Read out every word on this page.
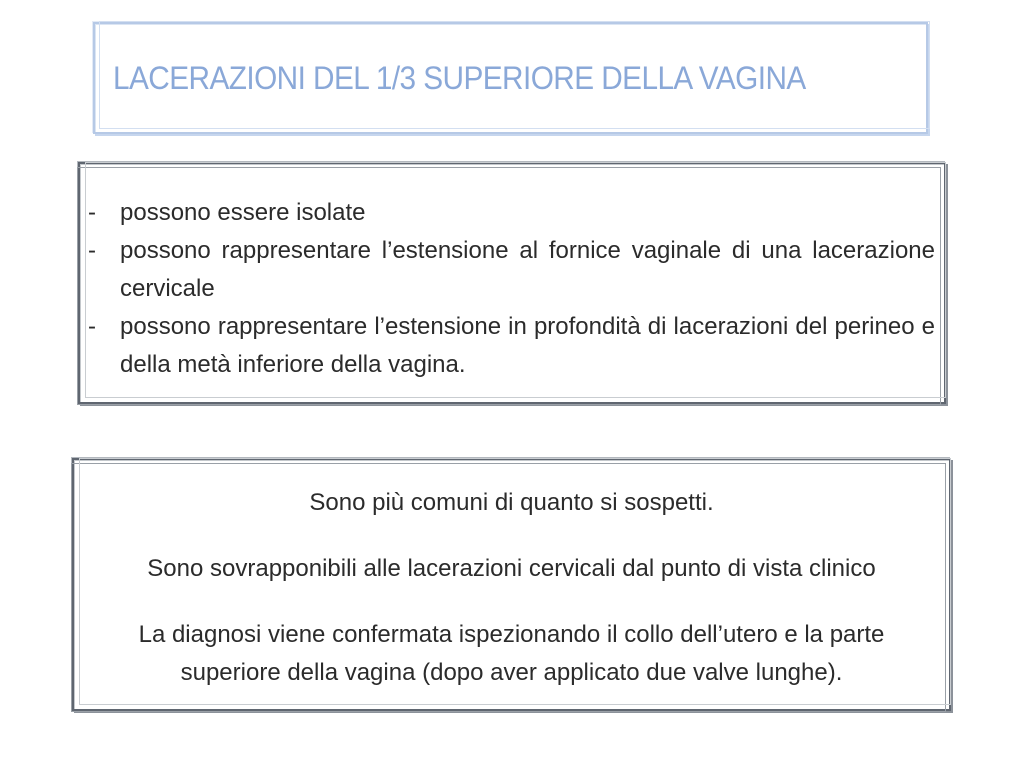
LACERAZIONI DEL 1/3 SUPERIORE DELLA VAGINA
- possono essere isolate
- possono rappresentare l’estensione al fornice vaginale di una lacerazione cervicale
- possono rappresentare l’estensione in profondità di lacerazioni del perineo e della metà inferiore della vagina.

Sono più comuni di quanto si sospetti.

Sono sovrapponibili alle lacerazioni cervicali dal punto di vista clinico

La diagnosi viene confermata ispezionando il collo dell’utero e la parte superiore della vagina (dopo aver applicato due valve lunghe).
